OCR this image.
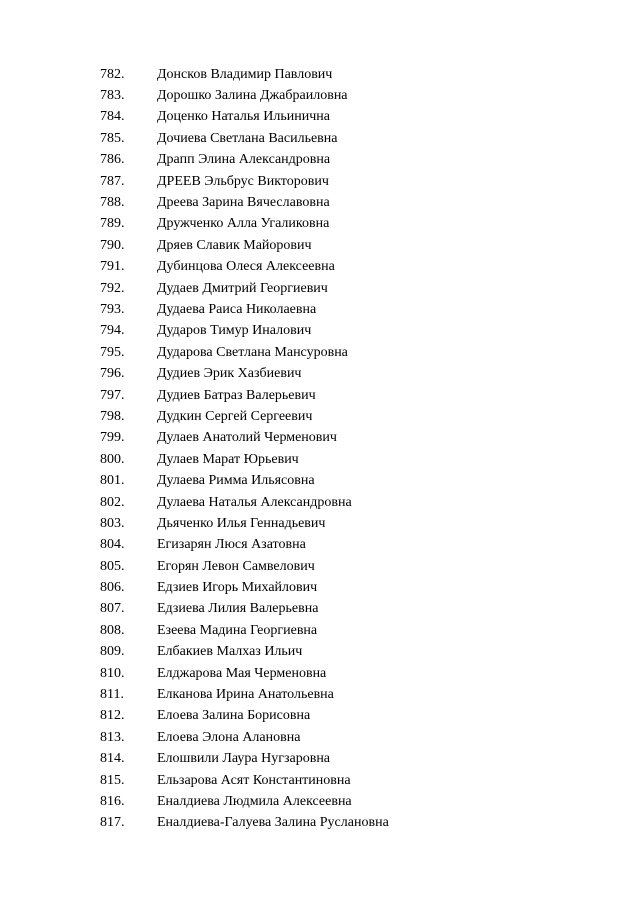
782.	Донсков Владимир Павлович
783.	Дорошко Залина Джабраиловна
784.	Доценко Наталья Ильинична
785.	Дочиева Светлана Васильевна
786.	Драпп Элина Александровна
787.	ДРЕЕВ Эльбрус Викторович
788.	Дреева Зарина Вячеславовна
789.	Дружченко Алла Угаликовна
790.	Дряев Славик Майорович
791.	Дубинцова Олеся Алексеевна
792.	Дудаев Дмитрий Георгиевич
793.	Дудаева Раиса Николаевна
794.	Дударов Тимур Иналович
795.	Дударова Светлана Мансуровна
796.	Дудиев Эрик Хазбиевич
797.	Дудиев Батраз Валерьевич
798.	Дудкин Сергей Сергеевич
799.	Дулаев Анатолий Черменович
800.	Дулаев Марат Юрьевич
801.	Дулаева Римма Ильясовна
802.	Дулаева Наталья Александровна
803.	Дьяченко Илья Геннадьевич
804.	Егизарян Люся Азатовна
805.	Егорян Левон Самвелович
806.	Едзиев Игорь Михайлович
807.	Едзиева Лилия Валерьевна
808.	Езеева Мадина Георгиевна
809.	Елбакиев Малхаз Ильич
810.	Елджарова Мая Черменовна
811.	Елканова Ирина Анатольевна
812.	Елоева Залина Борисовна
813.	Елоева Элона Алановна
814.	Елошвили Лаура Нугзаровна
815.	Ельзарова Асят Константиновна
816.	Еналдиева Людмила Алексеевна
817.	Еналдиева-Галуева Залина Руслановна
